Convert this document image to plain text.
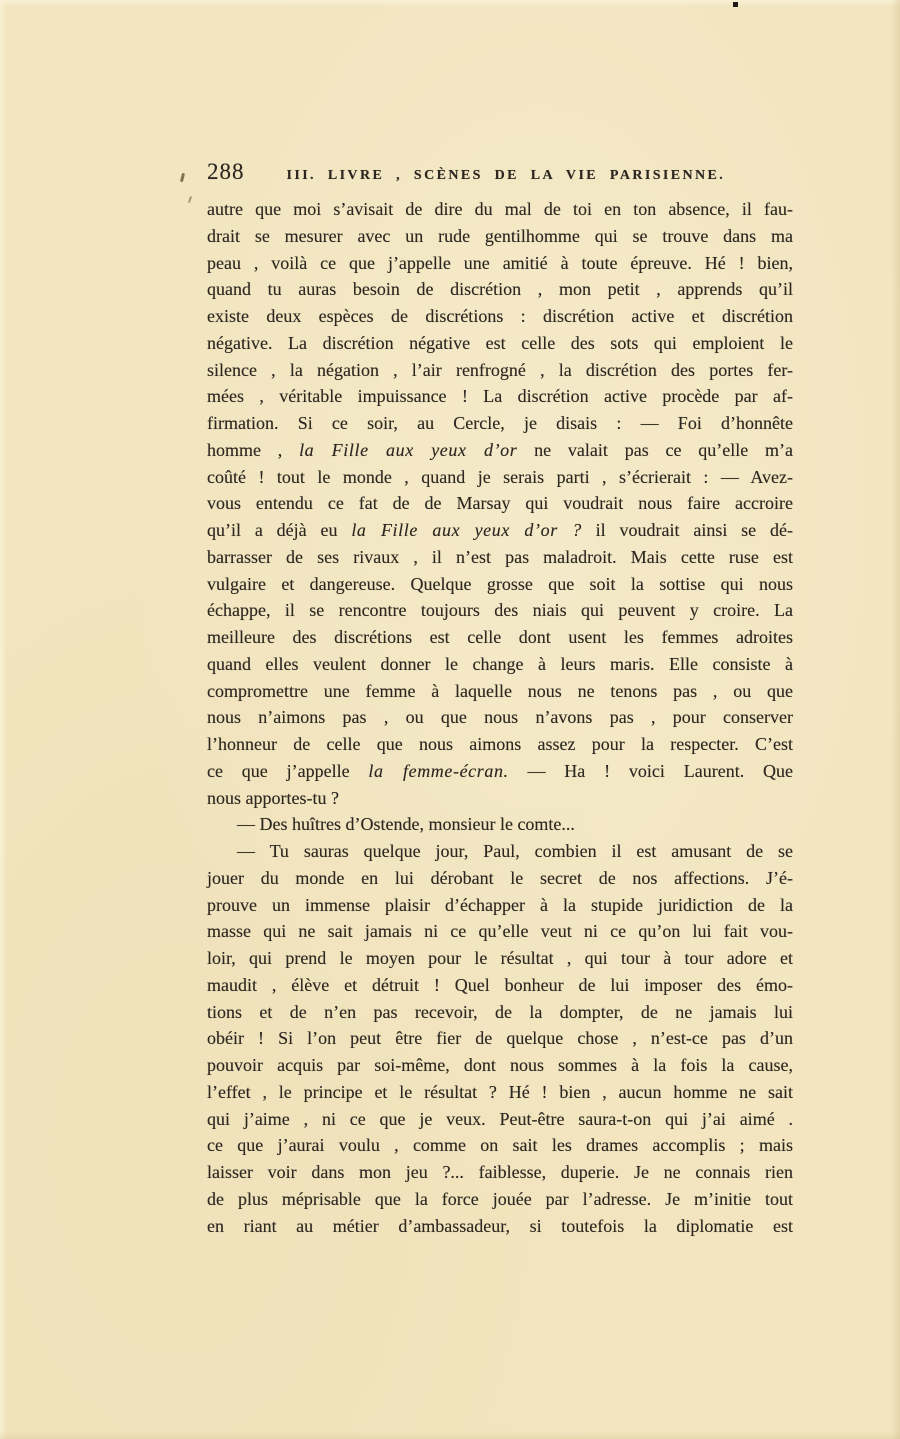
288	III. LIVRE , SCÈNES DE LA VIE PARISIENNE.
autre que moi s’avisait de dire du mal de toi en ton absence, il fau-
drait se mesurer avec un rude gentilhomme qui se trouve dans ma
peau , voilà ce que j’appelle une amitié à toute épreuve. Hé ! bien,
quand tu auras besoin de discrétion , mon petit , apprends qu’il
existe deux espèces de discrétions : discrétion active et discrétion
négative. La discrétion négative est celle des sots qui emploient le
silence , la négation , l’air renfrogné , la discrétion des portes fer-
mées , véritable impuissance ! La discrétion active procède par af-
firmation. Si ce soir, au Cercle, je disais : — Foi d’honnête
homme , la Fille aux yeux d’or ne valait pas ce qu’elle m’a
coûté ! tout le monde , quand je serais parti , s’écrierait : — Avez-
vous entendu ce fat de de Marsay qui voudrait nous faire accroire
qu’il a déjà eu la Fille aux yeux d’or ? il voudrait ainsi se dé-
barrasser de ses rivaux , il n’est pas maladroit. Mais cette ruse est
vulgaire et dangereuse. Quelque grosse que soit la sottise qui nous
échappe, il se rencontre toujours des niais qui peuvent y croire. La
meilleure des discrétions est celle dont usent les femmes adroites
quand elles veulent donner le change à leurs maris. Elle consiste à
compromettre une femme à laquelle nous ne tenons pas , ou que
nous n’aimons pas , ou que nous n’avons pas , pour conserver
l’honneur de celle que nous aimons assez pour la respecter. C’est
ce que j’appelle la femme-écran. — Ha ! voici Laurent. Que
nous apportes-tu ?
— Des huîtres d’Ostende, monsieur le comte...
— Tu sauras quelque jour, Paul, combien il est amusant de se
jouer du monde en lui dérobant le secret de nos affections. J’é-
prouve un immense plaisir d’échapper à la stupide juridiction de la
masse qui ne sait jamais ni ce qu’elle veut ni ce qu’on lui fait vou-
loir, qui prend le moyen pour le résultat , qui tour à tour adore et
maudit , élève et détruit ! Quel bonheur de lui imposer des émo-
tions et de n’en pas recevoir, de la dompter, de ne jamais lui
obéir ! Si l’on peut être fier de quelque chose , n’est-ce pas d’un
pouvoir acquis par soi-même, dont nous sommes à la fois la cause,
l’effet , le principe et le résultat ? Hé ! bien , aucun homme ne sait
qui j’aime , ni ce que je veux. Peut-être saura-t-on qui j’ai aimé .
ce que j’aurai voulu , comme on sait les drames accomplis ; mais
laisser voir dans mon jeu ?... faiblesse, duperie. Je ne connais rien
de plus méprisable que la force jouée par l’adresse. Je m’initie tout
en riant au métier d’ambassadeur, si toutefois la diplomatie est
